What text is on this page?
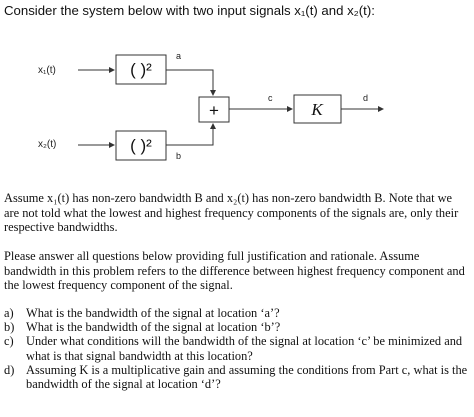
Consider the system below with two input signals x₁(t) and x₂(t):
x₁(t)
x₂(t)
( )²
( )²
a
b
+
c
K
d
Assume x₁(t) has non-zero bandwidth B and x₂(t) has non-zero bandwidth B. Note that we are not told what the lowest and highest frequency components of the signals are, only their respective bandwidths.
Please answer all questions below providing full justification and rationale. Assume bandwidth in this problem refers to the difference between highest frequency component and the lowest frequency component of the signal.
a) What is the bandwidth of the signal at location ‘a’?
b) What is the bandwidth of the signal at location ‘b’?
c) Under what conditions will the bandwidth of the signal at location ‘c’ be minimized and what is that signal bandwidth at this location?
d) Assuming K is a multiplicative gain and assuming the conditions from Part c, what is the bandwidth of the signal at location ‘d’?
